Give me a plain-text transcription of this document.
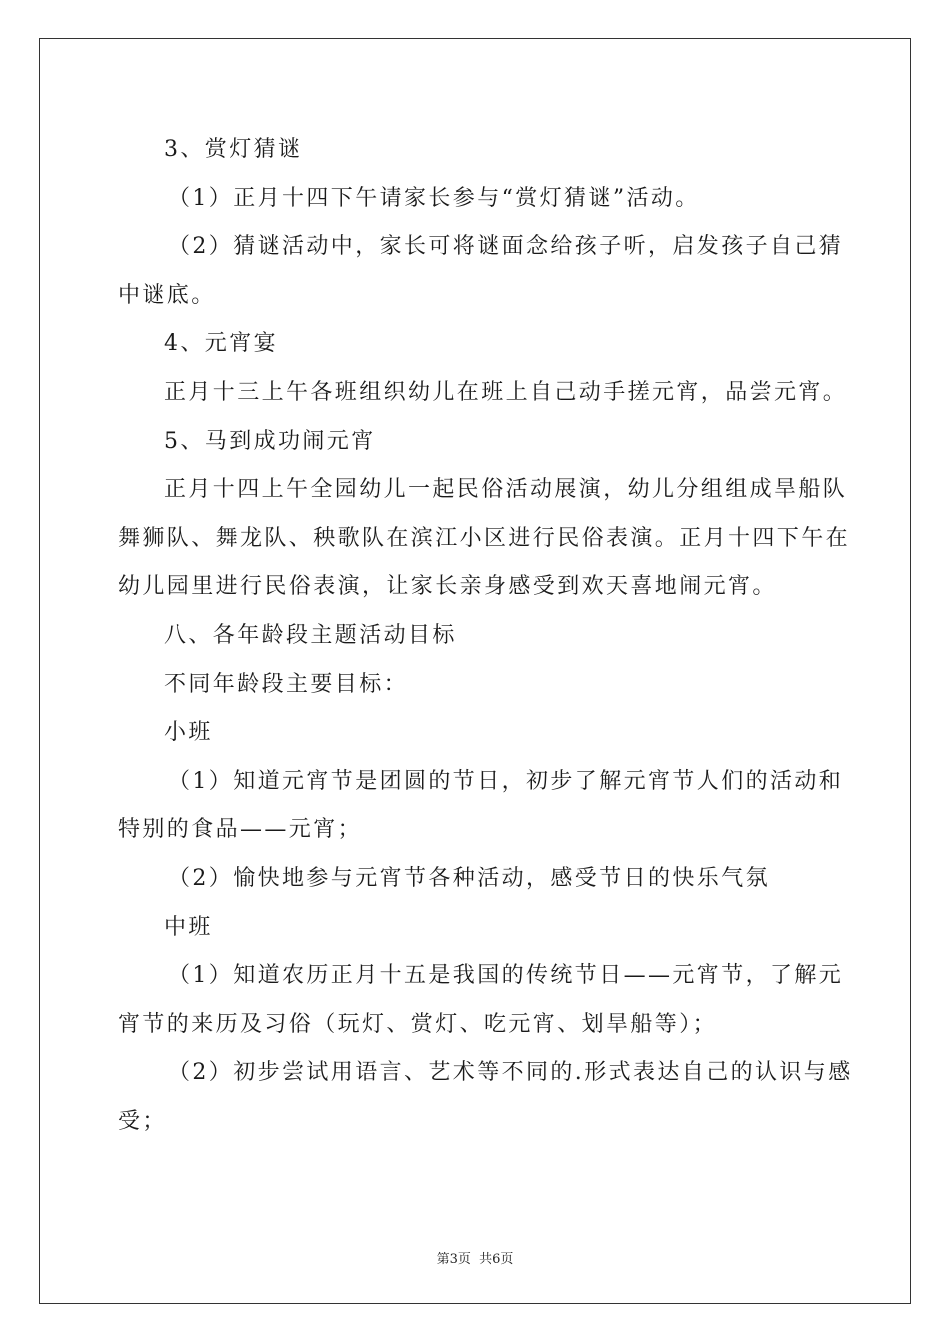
3、赏灯猜谜
（1）正月十四下午请家长参与“赏灯猜谜”活动。
（2）猜谜活动中，家长可将谜面念给孩子听，启发孩子自己猜
中谜底。
4、元宵宴
正月十三上午各班组织幼儿在班上自己动手搓元宵，品尝元宵。
5、马到成功闹元宵
正月十四上午全园幼儿一起民俗活动展演，幼儿分组组成旱船队
舞狮队、舞龙队、秧歌队在滨江小区进行民俗表演。正月十四下午在
幼儿园里进行民俗表演，让家长亲身感受到欢天喜地闹元宵。
八、各年龄段主题活动目标
不同年龄段主要目标：
小班
（1）知道元宵节是团圆的节日，初步了解元宵节人们的活动和
特别的食品——元宵；
（2）愉快地参与元宵节各种活动，感受节日的快乐气氛
中班
（1）知道农历正月十五是我国的传统节日——元宵节，了解元
宵节的来历及习俗（玩灯、赏灯、吃元宵、划旱船等）；
（2）初步尝试用语言、艺术等不同的.形式表达自己的认识与感
受；
第3页 共6页
